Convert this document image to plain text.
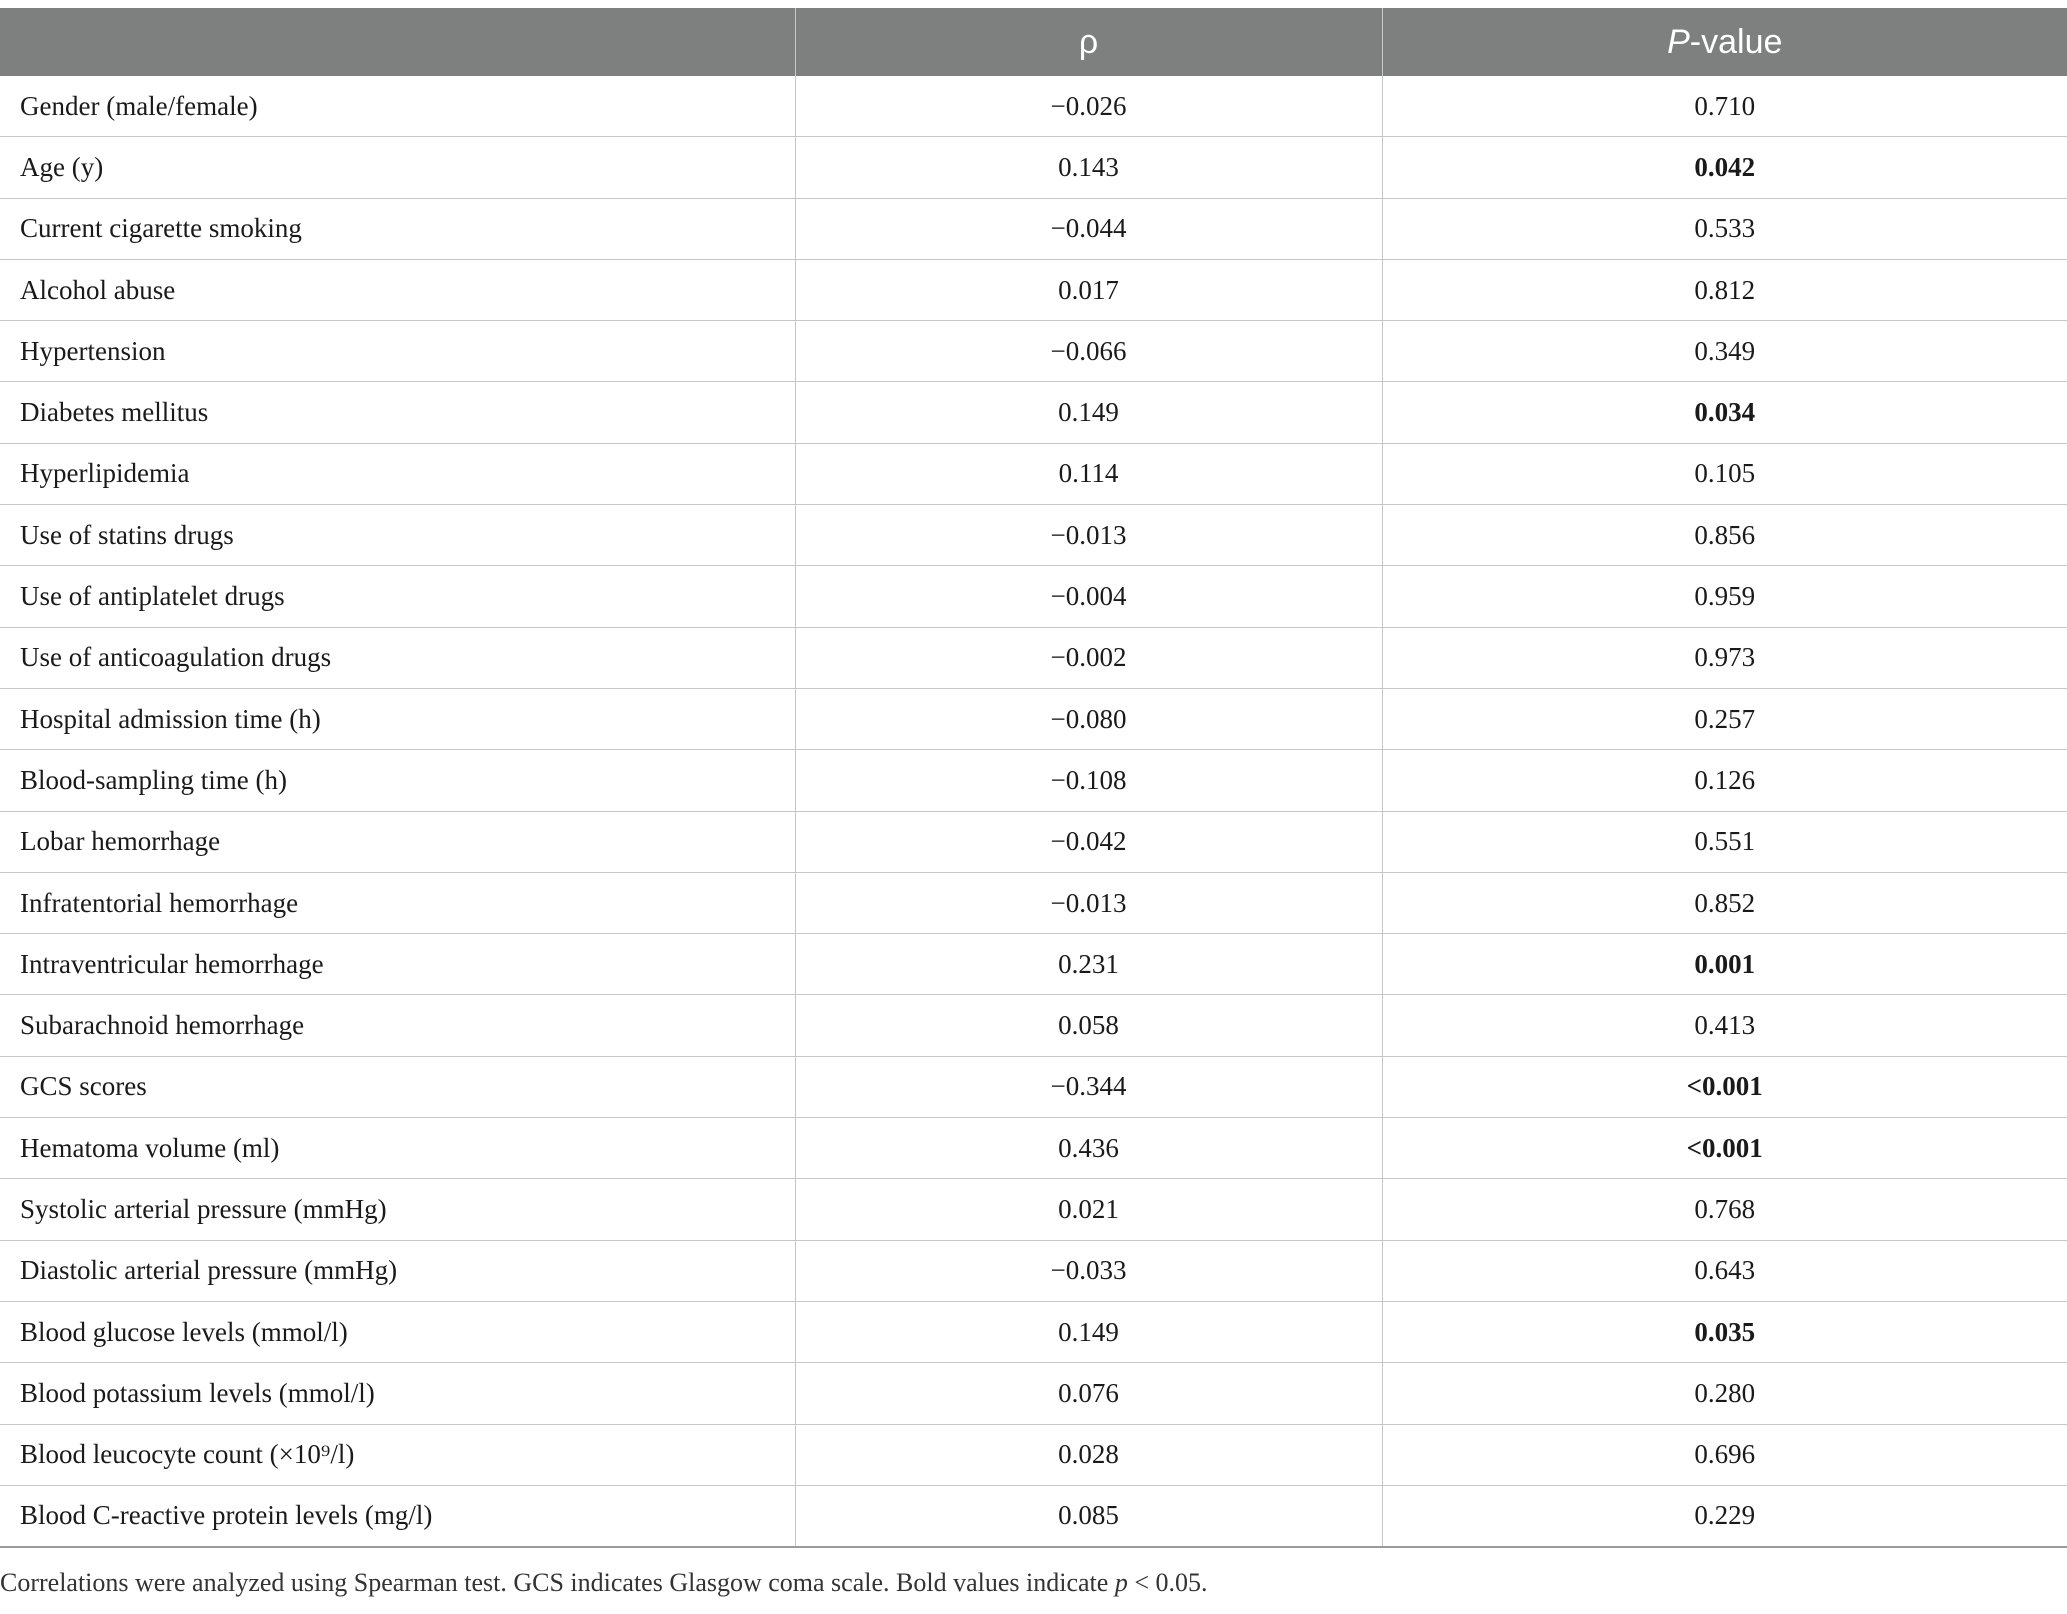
	ρ	P-value
Gender (male/female)	−0.026	0.710
Age (y)	0.143	0.042
Current cigarette smoking	−0.044	0.533
Alcohol abuse	0.017	0.812
Hypertension	−0.066	0.349
Diabetes mellitus	0.149	0.034
Hyperlipidemia	0.114	0.105
Use of statins drugs	−0.013	0.856
Use of antiplatelet drugs	−0.004	0.959
Use of anticoagulation drugs	−0.002	0.973
Hospital admission time (h)	−0.080	0.257
Blood-sampling time (h)	−0.108	0.126
Lobar hemorrhage	−0.042	0.551
Infratentorial hemorrhage	−0.013	0.852
Intraventricular hemorrhage	0.231	0.001
Subarachnoid hemorrhage	0.058	0.413
GCS scores	−0.344	<0.001
Hematoma volume (ml)	0.436	<0.001
Systolic arterial pressure (mmHg)	0.021	0.768
Diastolic arterial pressure (mmHg)	−0.033	0.643
Blood glucose levels (mmol/l)	0.149	0.035
Blood potassium levels (mmol/l)	0.076	0.280
Blood leucocyte count (×10⁹/l)	0.028	0.696
Blood C-reactive protein levels (mg/l)	0.085	0.229
Correlations were analyzed using Spearman test. GCS indicates Glasgow coma scale. Bold values indicate p < 0.05.
